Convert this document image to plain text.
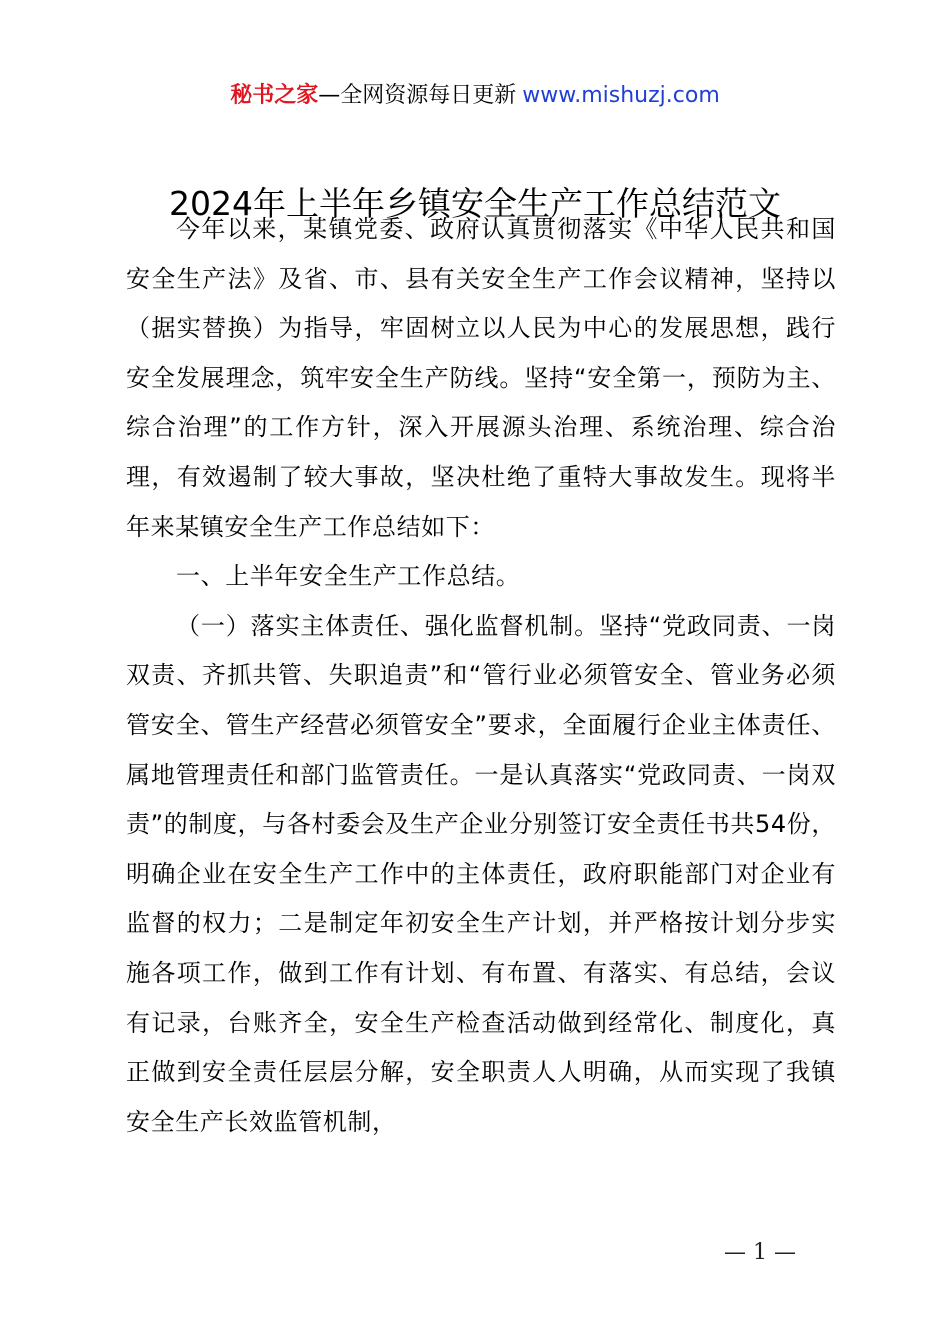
秘书之家—全网资源每日更新 www.mishuzj.com
2024年上半年乡镇安全生产工作总结范文

今年以来，某镇党委、政府认真贯彻落实《中华人民共和国安全生产法》及省、市、县有关安全生产工作会议精神，坚持以（据实替换）为指导，牢固树立以人民为中心的发展思想，践行安全发展理念，筑牢安全生产防线。坚持“安全第一，预防为主、综合治理”的工作方针，深入开展源头治理、系统治理、综合治理，有效遏制了较大事故，坚决杜绝了重特大事故发生。现将半年来某镇安全生产工作总结如下：

一、上半年安全生产工作总结。

（一）落实主体责任、强化监督机制。坚持“党政同责、一岗双责、齐抓共管、失职追责”和“管行业必须管安全、管业务必须管安全、管生产经营必须管安全”要求，全面履行企业主体责任、属地管理责任和部门监管责任。一是认真落实“党政同责、一岗双责”的制度，与各村委会及生产企业分别签订安全责任书共54份，明确企业在安全生产工作中的主体责任，政府职能部门对企业有监督的权力；二是制定年初安全生产计划，并严格按计划分步实施各项工作，做到工作有计划、有布置、有落实、有总结，会议有记录，台账齐全，安全生产检查活动做到经常化、制度化，真正做到安全责任层层分解，安全职责人人明确，从而实现了我镇安全生产长效监管机制，

— 1 —
